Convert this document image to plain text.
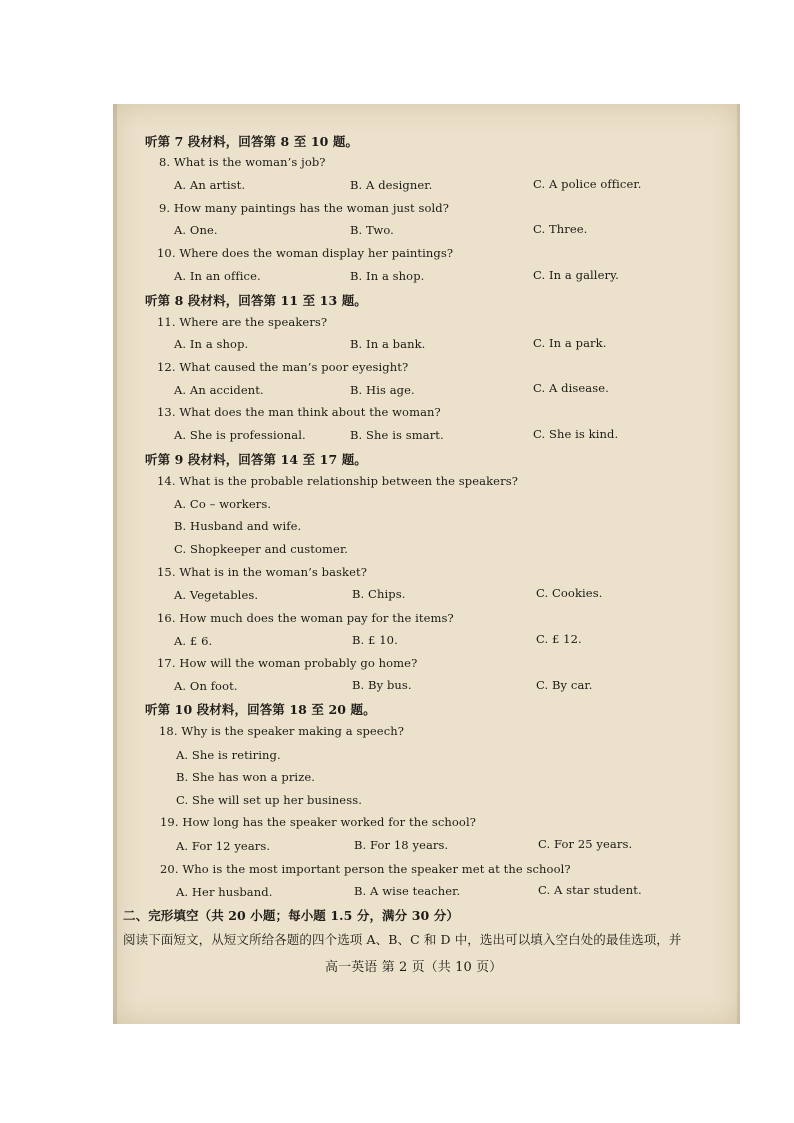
听第 7 段材料，回答第 8 至 10 题。
8. What is the woman’s job?
A. An artist.	B. A designer.	C. A police officer.
9. How many paintings has the woman just sold?
A. One.	B. Two.	C. Three.
10. Where does the woman display her paintings?
A. In an office.	B. In a shop.	C. In a gallery.
听第 8 段材料，回答第 11 至 13 题。
11. Where are the speakers?
A. In a shop.	B. In a bank.	C. In a park.
12. What caused the man’s poor eyesight?
A. An accident.	B. His age.	C. A disease.
13. What does the man think about the woman?
A. She is professional.	B. She is smart.	C. She is kind.
听第 9 段材料，回答第 14 至 17 题。
14. What is the probable relationship between the speakers?
A. Co – workers.
B. Husband and wife.
C. Shopkeeper and customer.
15. What is in the woman’s basket?
A. Vegetables.	B. Chips.	C. Cookies.
16. How much does the woman pay for the items?
A. £ 6.	B. £ 10.	C. £ 12.
17. How will the woman probably go home?
A. On foot.	B. By bus.	C. By car.
听第 10 段材料，回答第 18 至 20 题。
18. Why is the speaker making a speech?
A. She is retiring.
B. She has won a prize.
C. She will set up her business.
19. How long has the speaker worked for the school?
A. For 12 years.	B. For 18 years.	C. For 25 years.
20. Who is the most important person the speaker met at the school?
A. Her husband.	B. A wise teacher.	C. A star student.
二、完形填空（共 20 小题；每小题 1.5 分，满分 30 分）
阅读下面短文，从短文所给各题的四个选项 A、B、C 和 D 中，选出可以填入空白处的最佳选项，并
高一英语 第 2 页（共 10 页）
